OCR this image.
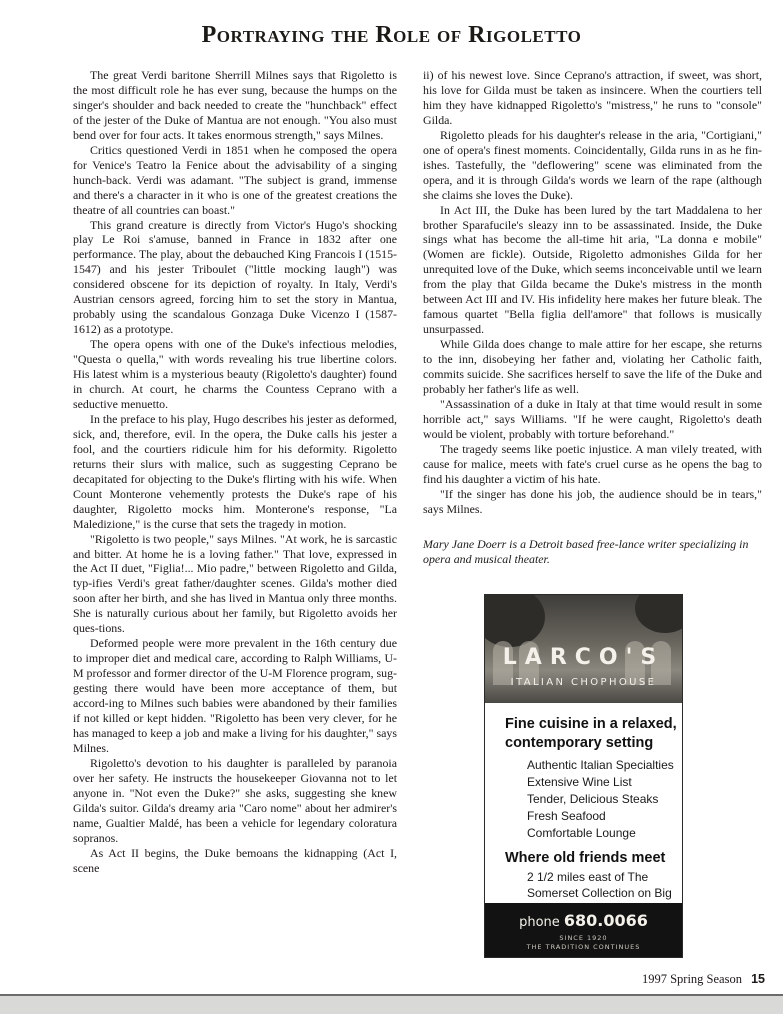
Portraying the Role of Rigoletto

The great Verdi baritone Sherrill Milnes says that Rigoletto is the most difficult role he has ever sung, because the humps on the singer's shoulder and back needed to create the "hunchback" effect of the jester of the Duke of Mantua are not enough. "You also must bend over for four acts. It takes enormous strength," says Milnes.

Critics questioned Verdi in 1851 when he composed the opera for Venice's Teatro la Fenice about the advisability of a singing hunch-back. Verdi was adamant. "The subject is grand, immense and there's a character in it who is one of the greatest creations the theatre of all countries can boast."

This grand creature is directly from Victor's Hugo's shocking play Le Roi s'amuse, banned in France in 1832 after one performance. The play, about the debauched King Francois I (1515-1547) and his jester Triboulet ("little mocking laugh") was considered obscene for its depiction of royalty. In Italy, Verdi's Austrian censors agreed, forcing him to set the story in Mantua, probably using the scandalous Gonzaga Duke Vicenzo I (1587-1612) as a prototype.

The opera opens with one of the Duke's infectious melodies, "Questa o quella," with words revealing his true libertine colors. His latest whim is a mysterious beauty (Rigoletto's daughter) found in church. At court, he charms the Countess Ceprano with a seductive menuetto.

In the preface to his play, Hugo describes his jester as deformed, sick, and, therefore, evil. In the opera, the Duke calls his jester a fool, and the courtiers ridicule him for his deformity. Rigoletto returns their slurs with malice, such as suggesting Ceprano be decapitated for objecting to the Duke's flirting with his wife. When Count Monterone vehemently protests the Duke's rape of his daughter, Rigoletto mocks him. Monterone's response, "La Maledizione," is the curse that sets the tragedy in motion.

"Rigoletto is two people," says Milnes. "At work, he is sarcastic and bitter. At home he is a loving father." That love, expressed in the Act II duet, "Figlia!... Mio padre," between Rigoletto and Gilda, typ-ifies Verdi's great father/daughter scenes. Gilda's mother died soon after her birth, and she has lived in Mantua only three months. She is naturally curious about her family, but Rigoletto avoids her ques-tions.

Deformed people were more prevalent in the 16th century due to improper diet and medical care, according to Ralph Williams, U-M professor and former director of the U-M Florence program, sug-gesting there would have been more acceptance of them, but accord-ing to Milnes such babies were abandoned by their families if not killed or kept hidden. "Rigoletto has been very clever, for he has managed to keep a job and make a living for his daughter," says Milnes.

Rigoletto's devotion to his daughter is paralleled by paranoia over her safety. He instructs the housekeeper Giovanna not to let anyone in. "Not even the Duke?" she asks, suggesting she knew Gilda's suitor. Gilda's dreamy aria "Caro nome" about her admirer's name, Gualtier Maldé, has been a vehicle for legendary coloratura sopranos.

As Act II begins, the Duke bemoans the kidnapping (Act I, scene

ii) of his newest love. Since Ceprano's attraction, if sweet, was short, his love for Gilda must be taken as insincere. When the courtiers tell him they have kidnapped Rigoletto's "mistress," he runs to "console" Gilda.

Rigoletto pleads for his daughter's release in the aria, "Cortigiani," one of opera's finest moments. Coincidentally, Gilda runs in as he fin-ishes. Tastefully, the "deflowering" scene was eliminated from the opera, and it is through Gilda's words we learn of the rape (although she claims she loves the Duke).

In Act III, the Duke has been lured by the tart Maddalena to her brother Sparafucile's sleazy inn to be assassinated. Inside, the Duke sings what has become the all-time hit aria, "La donna e mobile" (Women are fickle). Outside, Rigoletto admonishes Gilda for her unrequited love of the Duke, which seems inconceivable until we learn from the play that Gilda became the Duke's mistress in the month between Act III and IV. His infidelity here makes her future bleak. The famous quartet "Bella figlia dell'amore" that follows is musically unsurpassed.

While Gilda does change to male attire for her escape, she returns to the inn, disobeying her father and, violating her Catholic faith, commits suicide. She sacrifices herself to save the life of the Duke and probably her father's life as well.

"Assassination of a duke in Italy at that time would result in some horrible act," says Williams. "If he were caught, Rigoletto's death would be violent, probably with torture beforehand."

The tragedy seems like poetic injustice. A man vilely treated, with cause for malice, meets with fate's cruel curse as he opens the bag to find his daughter a victim of his hate.

"If the singer has done his job, the audience should be in tears," says Milnes.

Mary Jane Doerr is a Detroit based free-lance writer specializing in opera and musical theater.

LARCO'S
ITALIAN CHOPHOUSE
Fine cuisine in a relaxed, contemporary setting
Authentic Italian Specialties
Extensive Wine List
Tender, Delicious Steaks
Fresh Seafood
Comfortable Lounge
Where old friends meet
2 1/2 miles east of The Somerset Collection on Big
phone 680.0066
SINCE 1920
THE TRADITION CONTINUES
1997 Spring Season 15
